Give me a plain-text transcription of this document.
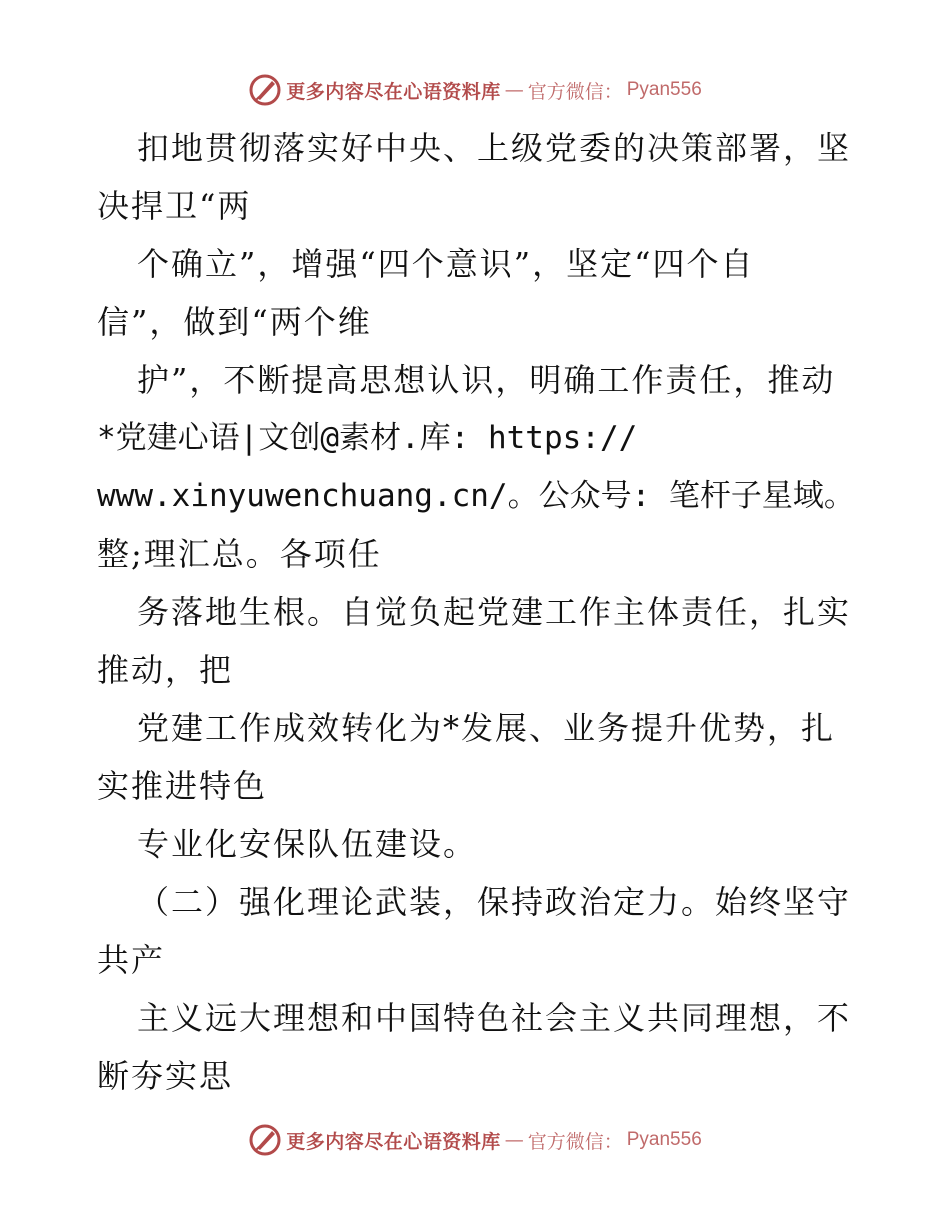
更多内容尽在心语资料库 — 官方微信： Pyan556
扣地贯彻落实好中央、上级党委的决策部署，坚
决捍卫“两
个确立”，增强“四个意识”，坚定“四个自
信”，做到“两个维
护”，不断提高思想认识，明确工作责任，推动
*党建心语|文创@素材.库: https://
www.xinyuwenchuang.cn/。公众号: 笔杆子星域。
整;理汇总。各项任
务落地生根。自觉负起党建工作主体责任，扎实
推动，把
党建工作成效转化为*发展、业务提升优势，扎
实推进特色
专业化安保队伍建设。
（二）强化理论武装，保持政治定力。始终坚守
共产
主义远大理想和中国特色社会主义共同理想，不
断夯实思
更多内容尽在心语资料库 — 官方微信： Pyan556
